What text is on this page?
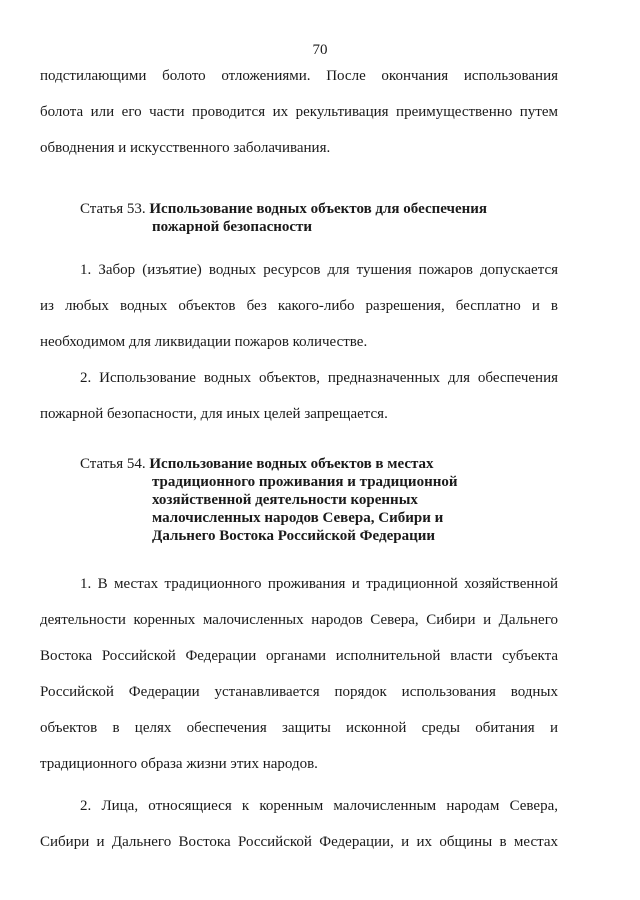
70

подстилающими болото отложениями. После окончания использования

болота или его части проводится их рекультивация преимущественно путем

обводнения и искусственного заболачивания.

Статья 53. Использование водных объектов для обеспечения
пожарной безопасности

1. Забор (изъятие) водных ресурсов для тушения пожаров допускается

из любых водных объектов без какого-либо разрешения, бесплатно и в

необходимом для ликвидации пожаров количестве.

2. Использование водных объектов, предназначенных для обеспечения

пожарной безопасности, для иных целей запрещается.

Статья 54. Использование водных объектов в местах
традиционного проживания и традиционной
хозяйственной деятельности коренных
малочисленных народов Севера, Сибири и
Дальнего Востока Российской Федерации

1. В местах традиционного проживания и традиционной хозяйственной

деятельности коренных малочисленных народов Севера, Сибири и Дальнего

Востока Российской Федерации органами исполнительной власти субъекта

Российской Федерации устанавливается порядок использования водных

объектов в целях обеспечения защиты исконной среды обитания и

традиционного образа жизни этих народов.

2. Лица, относящиеся к коренным малочисленным народам Севера,

Сибири и Дальнего Востока Российской Федерации, и их общины в местах
